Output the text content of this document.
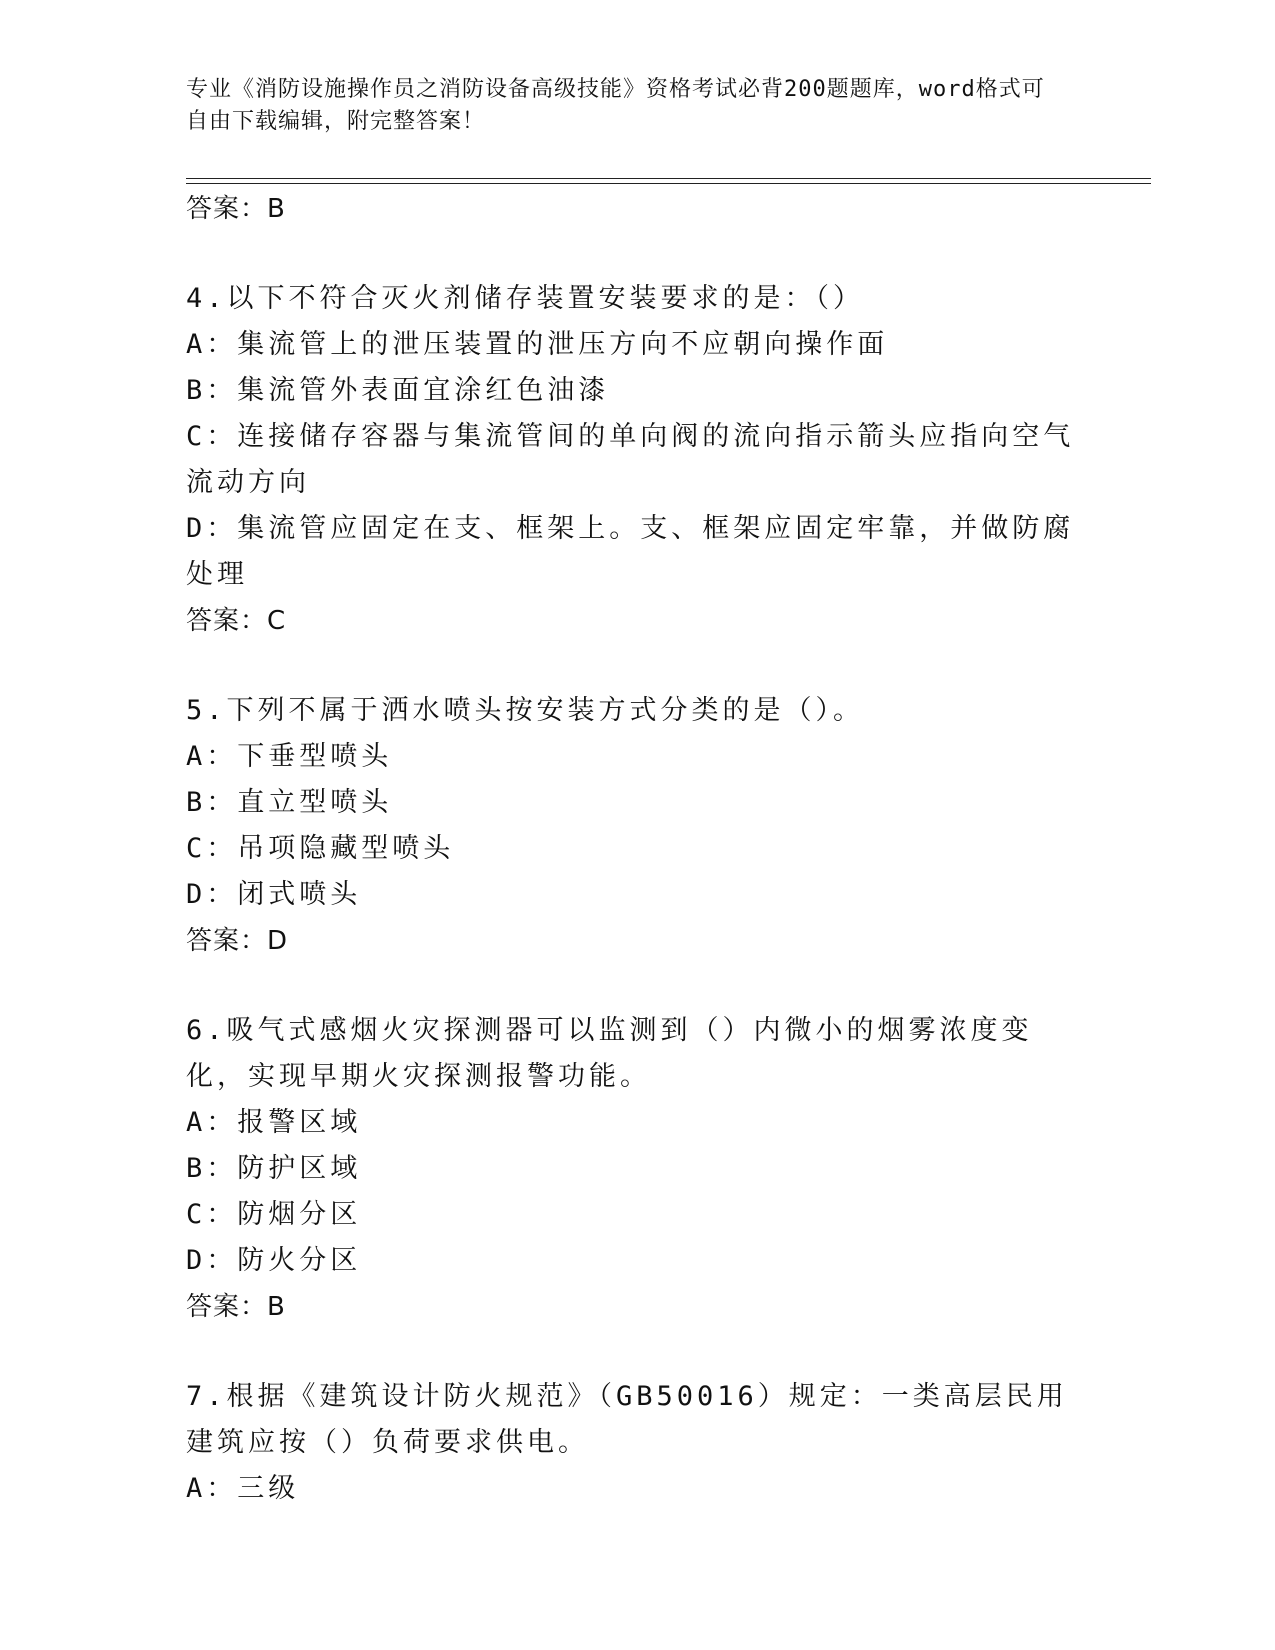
专业《消防设施操作员之消防设备高级技能》资格考试必背200题题库，word格式可自由下载编辑，附完整答案！
答案：B
4.以下不符合灭火剂储存装置安装要求的是：（）
A：集流管上的泄压装置的泄压方向不应朝向操作面
B：集流管外表面宜涂红色油漆
C：连接储存容器与集流管间的单向阀的流向指示箭头应指向空气流动方向
D：集流管应固定在支、框架上。支、框架应固定牢靠，并做防腐处理
答案：C
5.下列不属于洒水喷头按安装方式分类的是（）。
A：下垂型喷头
B：直立型喷头
C：吊项隐藏型喷头
D：闭式喷头
答案：D
6.吸气式感烟火灾探测器可以监测到（）内微小的烟雾浓度变化，实现早期火灾探测报警功能。
A：报警区域
B：防护区域
C：防烟分区
D：防火分区
答案：B
7.根据《建筑设计防火规范》（GB50016）规定：一类高层民用建筑应按（）负荷要求供电。
A：三级
